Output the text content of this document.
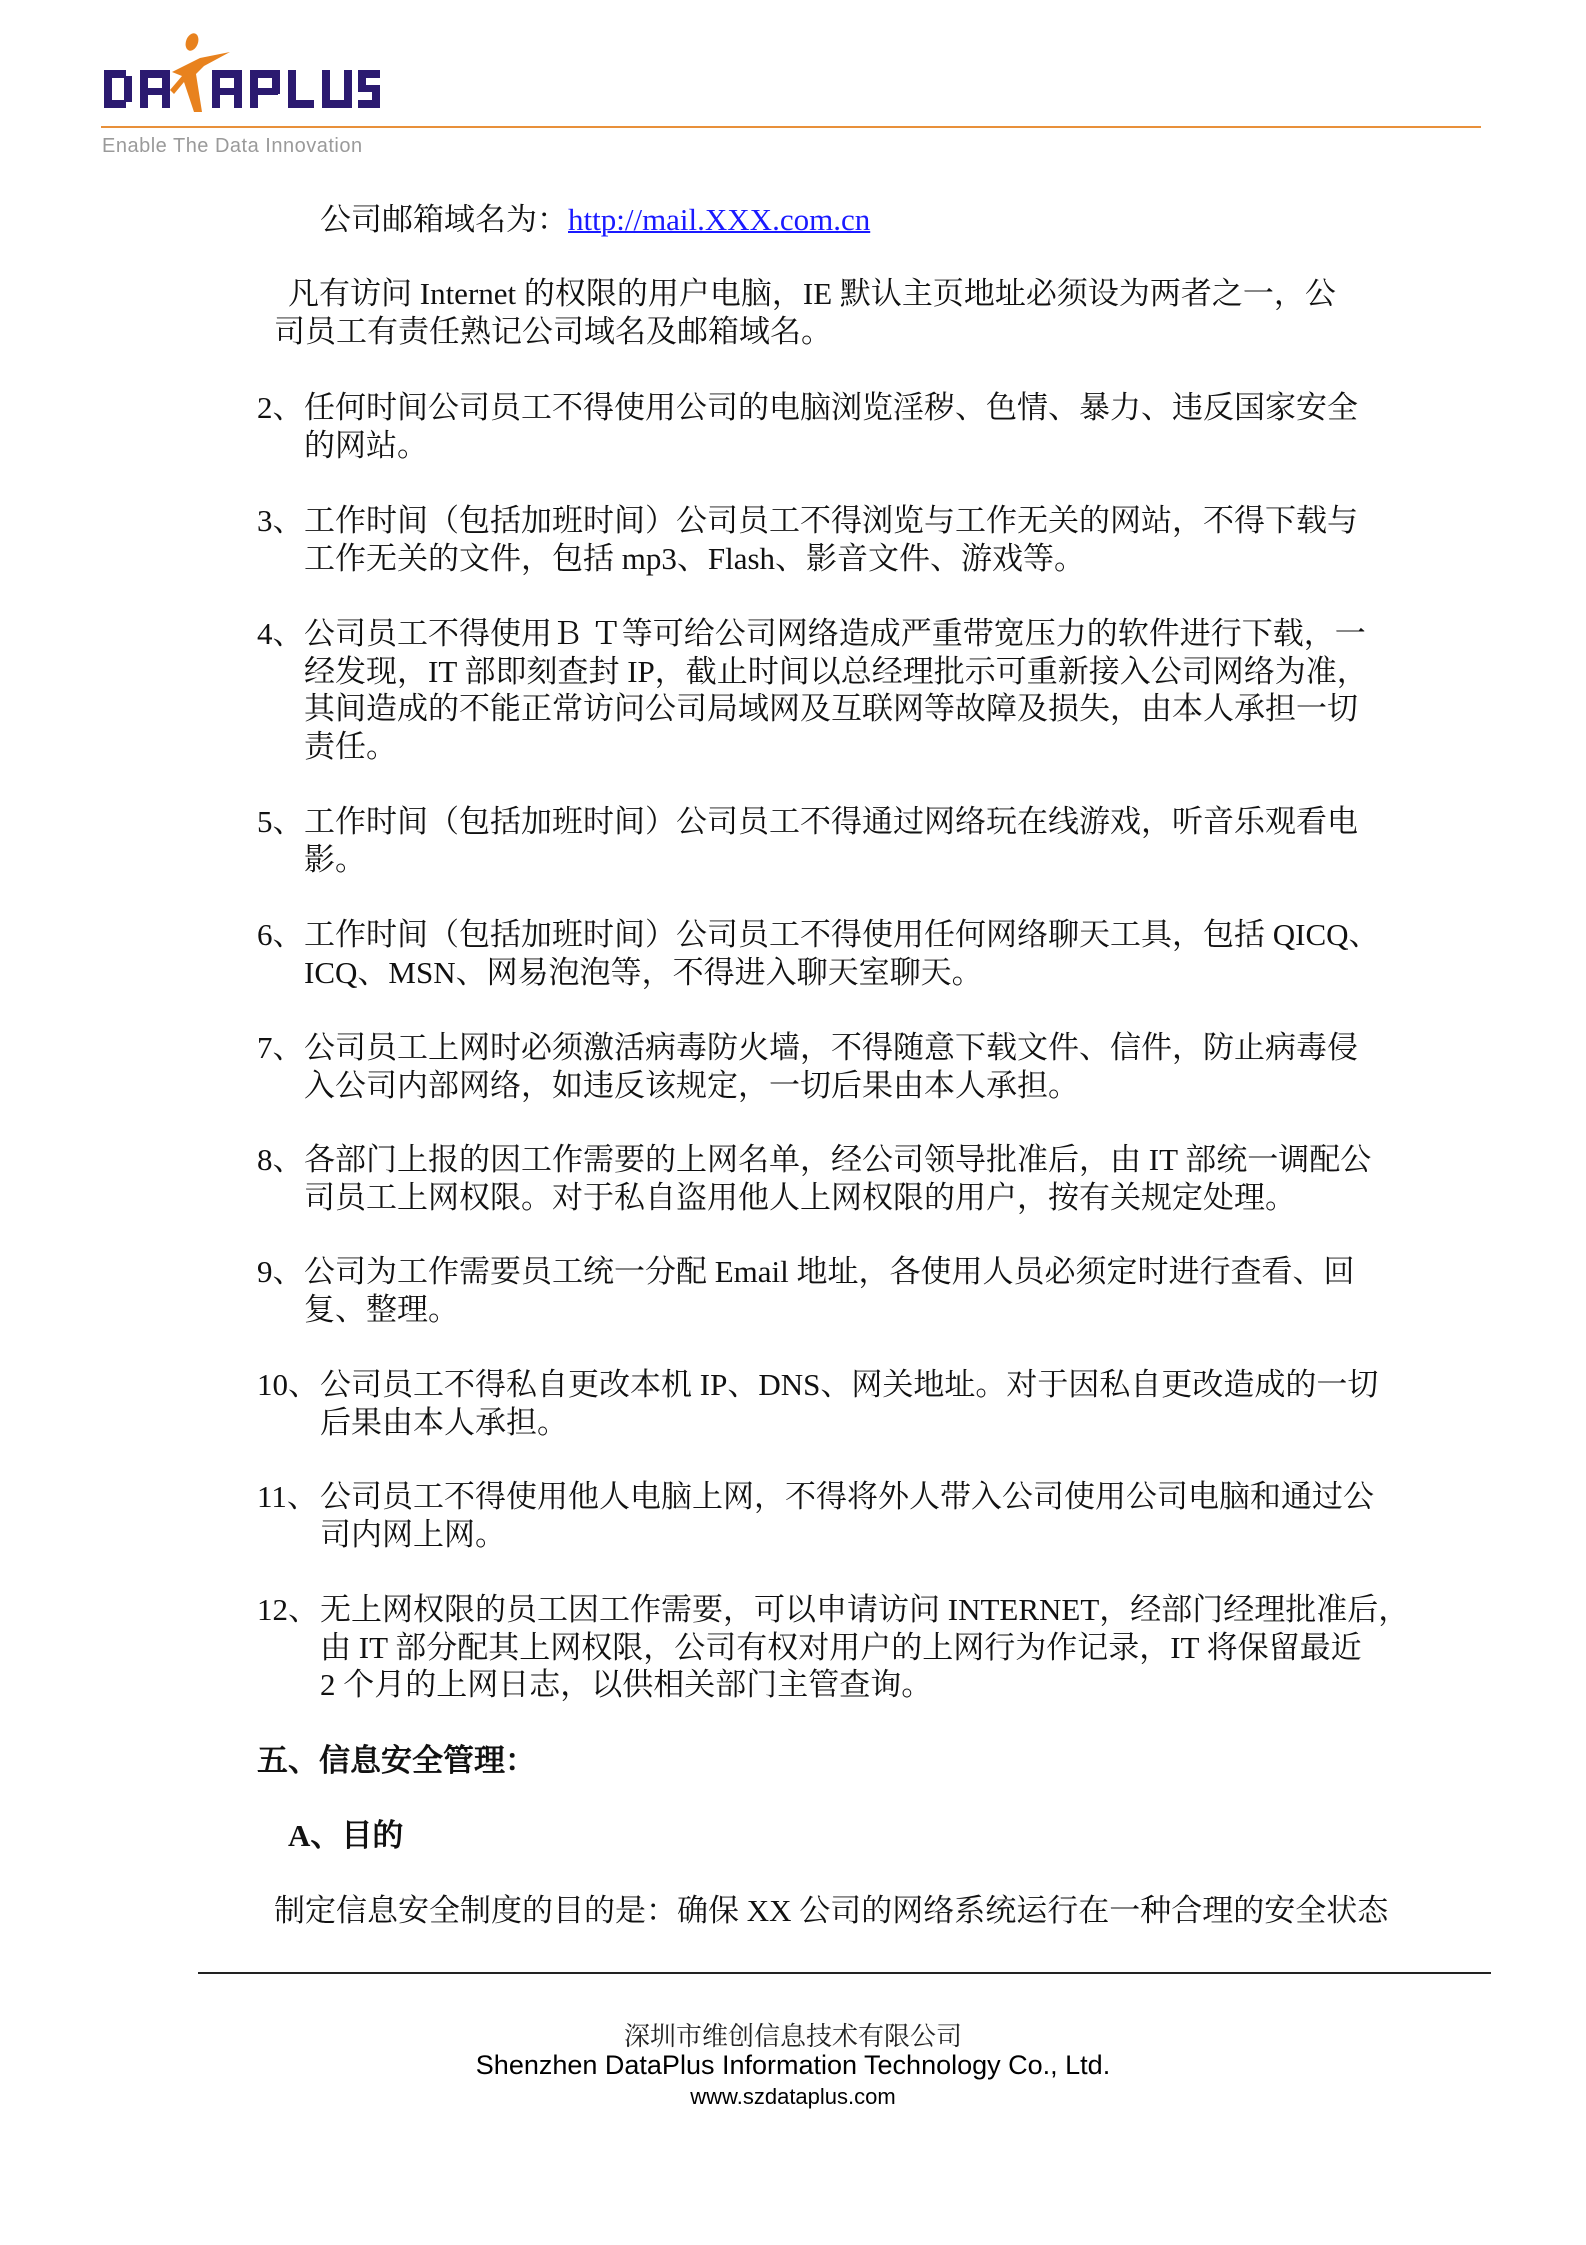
Enable The Data Innovation
公司邮箱域名为：http://mail.XXX.com.cn
凡有访问 Internet 的权限的用户电脑，IE 默认主页地址必须设为两者之一，公
司员工有责任熟记公司域名及邮箱域名。
任何时间公司员工不得使用公司的电脑浏览淫秽、色情、暴力、违反国家安全
2、
的网站。
工作时间（包括加班时间）公司员工不得浏览与工作无关的网站，不得下载与
3、
工作无关的文件，包括 mp3、Flash、影音文件、游戏等。
公司员工不得使用Ｂ Ｔ等可给公司网络造成严重带宽压力的软件进行下载，一
4、
经发现，IT 部即刻查封 IP，截止时间以总经理批示可重新接入公司网络为准，
其间造成的不能正常访问公司局域网及互联网等故障及损失，由本人承担一切
责任。
工作时间（包括加班时间）公司员工不得通过网络玩在线游戏，听音乐观看电
5、
影。
工作时间（包括加班时间）公司员工不得使用任何网络聊天工具，包括 QICQ、
6、
ICQ、MSN、网易泡泡等，不得进入聊天室聊天。
公司员工上网时必须激活病毒防火墙，不得随意下载文件、信件，防止病毒侵
7、
入公司内部网络，如违反该规定，一切后果由本人承担。
各部门上报的因工作需要的上网名单，经公司领导批准后，由 IT 部统一调配公
8、
司员工上网权限。对于私自盗用他人上网权限的用户，按有关规定处理。
公司为工作需要员工统一分配 Email 地址，各使用人员必须定时进行查看、回
9、
复、整理。
公司员工不得私自更改本机 IP、DNS、网关地址。对于因私自更改造成的一切
10、
后果由本人承担。
公司员工不得使用他人电脑上网，不得将外人带入公司使用公司电脑和通过公
11、
司内网上网。
无上网权限的员工因工作需要，可以申请访问 INTERNET，经部门经理批准后，
12、
由 IT 部分配其上网权限，公司有权对用户的上网行为作记录，IT 将保留最近
2 个月的上网日志，以供相关部门主管查询。
五、信息安全管理：
A、目的
制定信息安全制度的目的是：确保 XX 公司的网络系统运行在一种合理的安全状态
深圳市维创信息技术有限公司
Shenzhen DataPlus Information Technology Co., Ltd.
www.szdataplus.com
